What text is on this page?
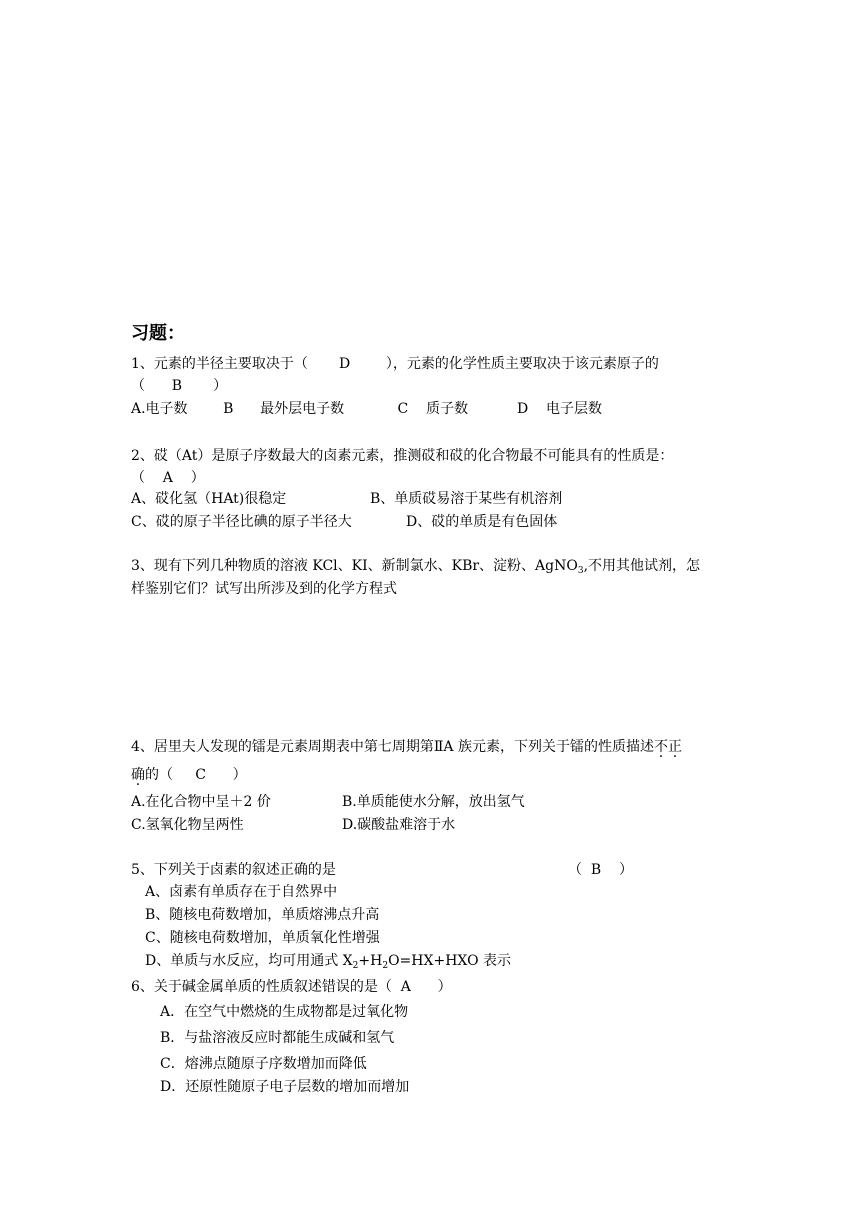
习题：
1、元素的半径主要取决于（       D        ），元素的化学性质主要取决于该元素原子的
（      B       ）
A.电子数        B      最外层电子数            C    质子数           D    电子层数
2、砹（At）是原子序数最大的卤素元素，推测砹和砹的化合物最不可能具有的性质是：
（    A    ）
A、砹化氢（HAt)很稳定	B、单质砹易溶于某些有机溶剂
C、砹的原子半径比碘的原子半径大	D、砹的单质是有色固体
3、现有下列几种物质的溶液 KCl、KI、新制氯水、KBr、淀粉、AgNO$_3$,不用其他试剂，怎
样鉴别它们？试写出所涉及到的化学方程式
4、居里夫人发现的镭是元素周期表中第七周期第ⅡA 族元素，下列关于镭的性质描述不正
确的（     C      ）
A.在化合物中呈＋2 价	B.单质能使水分解，放出氢气
C.氢氧化物呈两性	D.碳酸盐难溶于水
5、下列关于卤素的叙述正确的是	（  B    ）
A、卤素有单质存在于自然界中
B、随核电荷数增加，单质熔沸点升高
C、随核电荷数增加，单质氧化性增强
D、单质与水反应，均可用通式 $X_2+H_2O=HX+HXO$ 表示
6、关于碱金属单质的性质叙述错误的是（  A      ）
A．在空气中燃烧的生成物都是过氧化物
B．与盐溶液反应时都能生成碱和氢气
C．熔沸点随原子序数增加而降低
D．还原性随原子电子层数的增加而增加
